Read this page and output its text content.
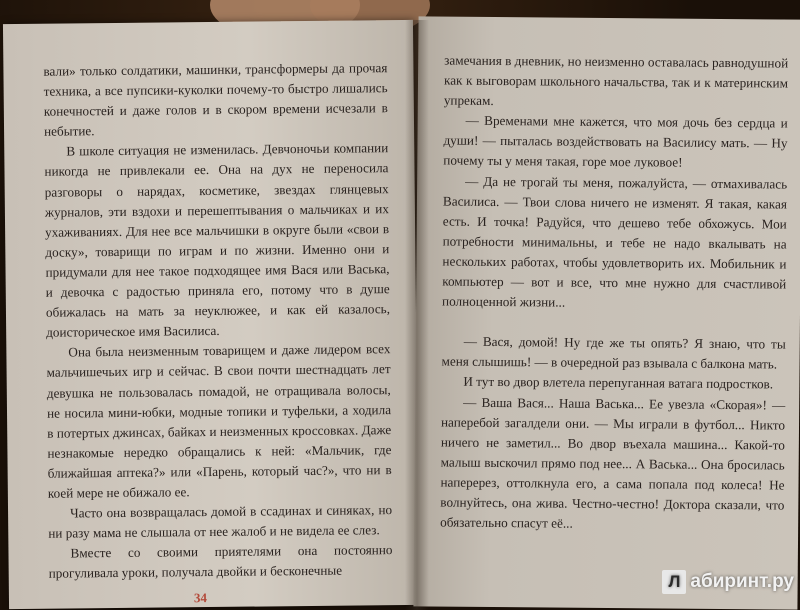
вали» только солдатики, машинки, трансформеры да прочая техника, а все пупсики-куколки почему-то быстро лишались конечностей и даже голов и в скором времени исчезали в небытие.

В школе ситуация не изменилась. Девчоночьи компании никогда не привлекали ее. Она на дух не переносила разговоры о нарядах, косметике, звездах глянцевых журналов, эти вздохи и перешептывания о мальчиках и их ухаживаниях. Для нее все мальчишки в округе были «свои в доску», товарищи по играм и по жизни. Именно они и придумали для нее такое подходящее имя Вася или Васька, и девочка с радостью приняла его, потому что в душе обижалась на мать за неуклюжее, и как ей казалось, доисторическое имя Василиса.

Она была неизменным товарищем и даже лидером всех мальчишечьих игр и сейчас. В свои почти шестнадцать лет девушка не пользовалась помадой, не отращивала волосы, не носила мини-юбки, модные топики и туфельки, а ходила в потертых джинсах, байках и неизменных кроссовках. Даже незнакомые нередко обращались к ней: «Мальчик, где ближайшая аптека?» или «Парень, который час?», что ни в коей мере не обижало ее.

Часто она возвращалась домой в ссадинах и синяках, но ни разу мама не слышала от нее жалоб и не видела ее слез.

Вместе со своими приятелями она постоянно прогуливала уроки, получала двойки и бесконечные

34

замечания в дневник, но неизменно оставалась равнодушной как к выговорам школьного начальства, так и к материнским упрекам.

— Временами мне кажется, что моя дочь без сердца и души! — пыталась воздействовать на Василису мать. — Ну почему ты у меня такая, горе мое луковое!

— Да не трогай ты меня, пожалуйста, — отмахивалась Василиса. — Твои слова ничего не изменят. Я такая, какая есть. И точка! Радуйся, что дешево тебе обхожусь. Мои потребности минимальны, и тебе не надо вкалывать на нескольких работах, чтобы удовлетворить их. Мобильник и компьютер — вот и все, что мне нужно для счастливой полноценной жизни...

— Вася, домой! Ну где же ты опять? Я знаю, что ты меня слышишь! — в очередной раз взывала с балкона мать.

И тут во двор влетела перепуганная ватага подростков.

— Ваша Вася... Наша Васька... Ее увезла «Скорая»! — наперебой загалдели они. — Мы играли в футбол... Никто ничего не заметил... Во двор въехала машина... Какой-то малыш выскочил прямо под нее... А Васька... Она бросилась наперерез, оттолкнула его, а сама попала под колеса! Не волнуйтесь, она жива. Честно-честно! Доктора сказали, что обязательно спасут её...

Л абиринт.ру
